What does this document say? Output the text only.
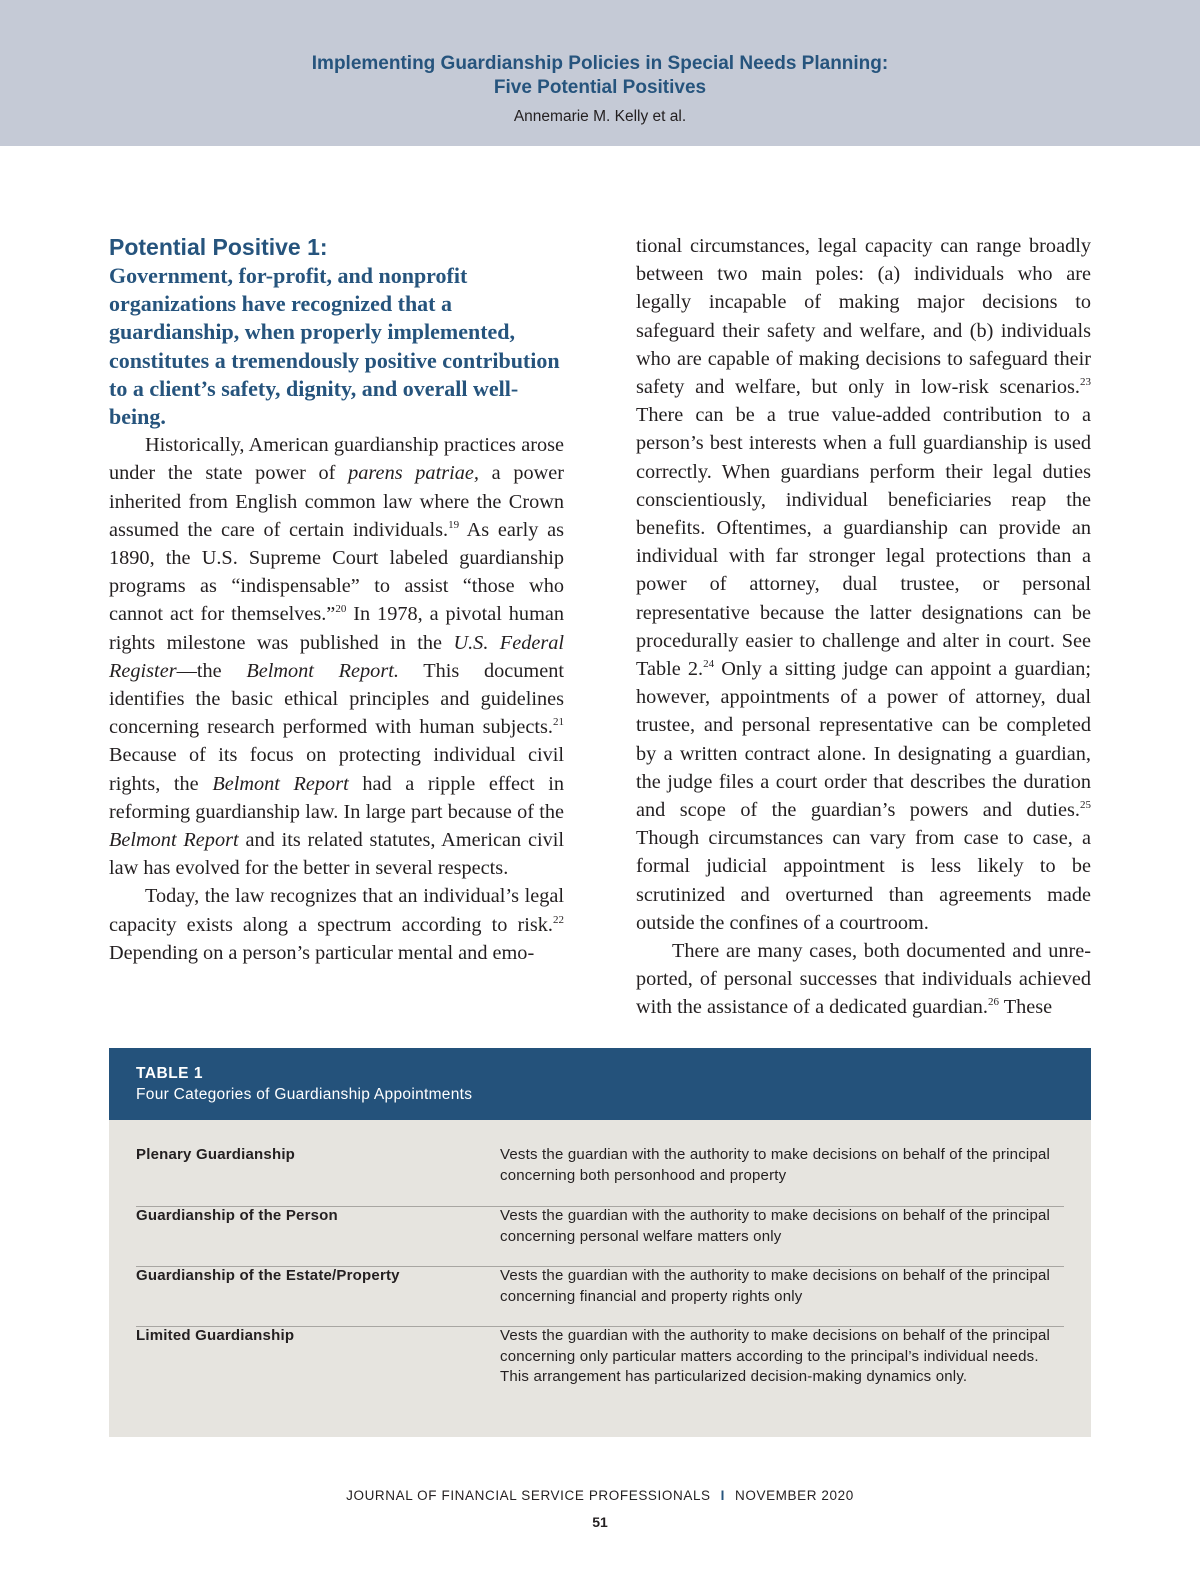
Implementing Guardianship Policies in Special Needs Planning:
Five Potential Positives
Annemarie M. Kelly et al.
Potential Positive 1:
Government, for-profit, and nonprofit organizations have recognized that a guardianship, when properly implemented, constitutes a tremendously positive contribution to a client’s safety, dignity, and overall well-being.

Historically, American guardianship practices arose under the state power of parens patriae, a power inherited from English common law where the Crown assumed the care of certain individuals.$^{19}$ As early as 1890, the U.S. Supreme Court labeled guardianship programs as “indispensable” to assist “those who cannot act for themselves.”$^{20}$ In 1978, a pivotal human rights milestone was published in the U.S. Federal Register—the Belmont Report. This document identifies the basic ethical principles and guidelines concerning research performed with human subjects.$^{21}$ Because of its focus on protecting individual civil rights, the Belmont Report had a ripple effect in reforming guardianship law. In large part because of the Belmont Report and its related statutes, American civil law has evolved for the better in several respects.

Today, the law recognizes that an individual’s legal capacity exists along a spectrum according to risk.$^{22}$ Depending on a person’s particular mental and emo-

tional circumstances, legal capacity can range broadly between two main poles: (a) individuals who are legally incapable of making major decisions to safeguard their safety and welfare, and (b) individuals who are capable of making decisions to safeguard their safety and welfare, but only in low-risk scenarios.$^{23}$ There can be a true value-added contribution to a person’s best interests when a full guardianship is used correctly. When guardians perform their legal duties conscientiously, individual beneficiaries reap the benefits. Oftentimes, a guardianship can provide an individual with far stronger legal protections than a power of attorney, dual trustee, or personal representative because the latter designations can be procedurally easier to challenge and alter in court. See Table 2.24 Only a sitting judge can appoint a guardian; however, appointments of a power of attorney, dual trustee, and personal representative can be completed by a written contract alone. In designating a guardian, the judge files a court order that describes the duration and scope of the guardian’s powers and duties.$^{25}$ Though circumstances can vary from case to case, a formal judicial appointment is less likely to be scrutinized and overturned than agreements made outside the confines of a courtroom.

There are many cases, both documented and unreported, of personal successes that individuals achieved with the assistance of a dedicated guardian.$^{26}$ These

TABLE 1
Four Categories of Guardianship Appointments
Plenary Guardianship	Vests the guardian with the authority to make decisions on behalf of the principal concerning both personhood and property
Guardianship of the Person	Vests the guardian with the authority to make decisions on behalf of the principal concerning personal welfare matters only
Guardianship of the Estate/Property	Vests the guardian with the authority to make decisions on behalf of the principal concerning financial and property rights only
Limited Guardianship	Vests the guardian with the authority to make decisions on behalf of the principal concerning only particular matters according to the principal’s individual needs. This arrangement has particularized decision-making dynamics only.
JOURNAL OF FINANCIAL SERVICE PROFESSIONALS I NOVEMBER 2020
51
